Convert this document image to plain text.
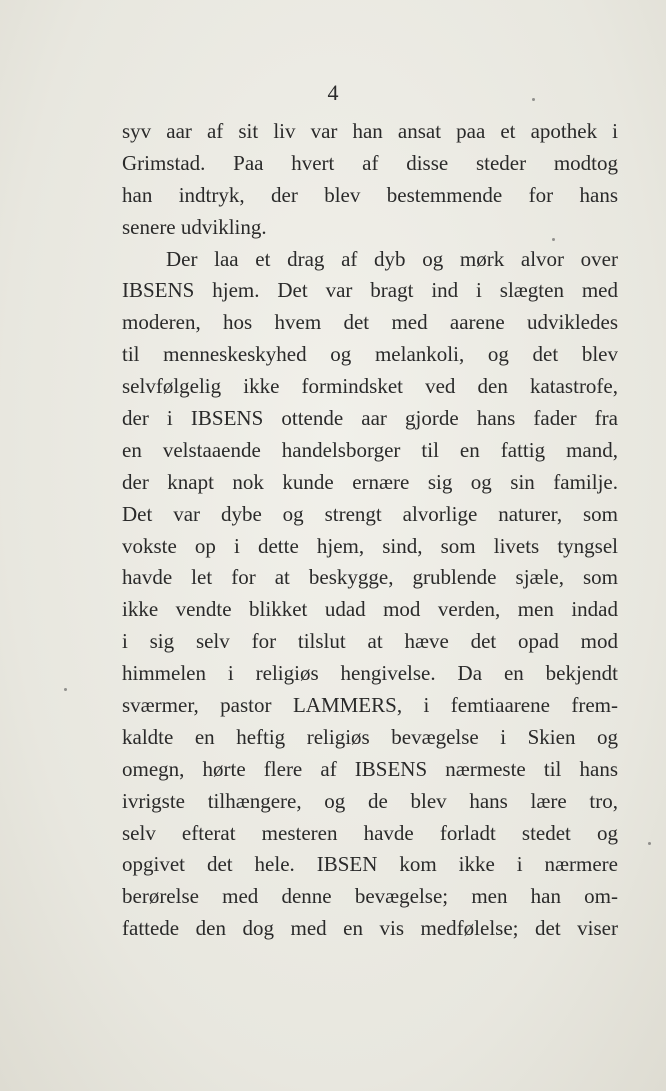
4
syv aar af sit liv var han ansat paa et apothek i
Grimstad. Paa hvert af disse steder modtog
han indtryk, der blev bestemmende for hans
senere udvikling.
Der laa et drag af dyb og mørk alvor over
IBSENS hjem. Det var bragt ind i slægten med
moderen, hos hvem det med aarene udvikledes
til menneskeskyhed og melankoli, og det blev
selvfølgelig ikke formindsket ved den katastrofe,
der i IBSENS ottende aar gjorde hans fader fra
en velstaaende handelsborger til en fattig mand,
der knapt nok kunde ernære sig og sin familje.
Det var dybe og strengt alvorlige naturer, som
vokste op i dette hjem, sind, som livets tyngsel
havde let for at beskygge, grublende sjæle, som
ikke vendte blikket udad mod verden, men indad
i sig selv for tilslut at hæve det opad mod
himmelen i religiøs hengivelse. Da en bekjendt
sværmer, pastor LAMMERS, i femtiaarene frem-
kaldte en heftig religiøs bevægelse i Skien og
omegn, hørte flere af IBSENS nærmeste til hans
ivrigste tilhængere, og de blev hans lære tro,
selv efterat mesteren havde forladt stedet og
opgivet det hele. IBSEN kom ikke i nærmere
berørelse med denne bevægelse; men han om-
fattede den dog med en vis medfølelse; det viser
